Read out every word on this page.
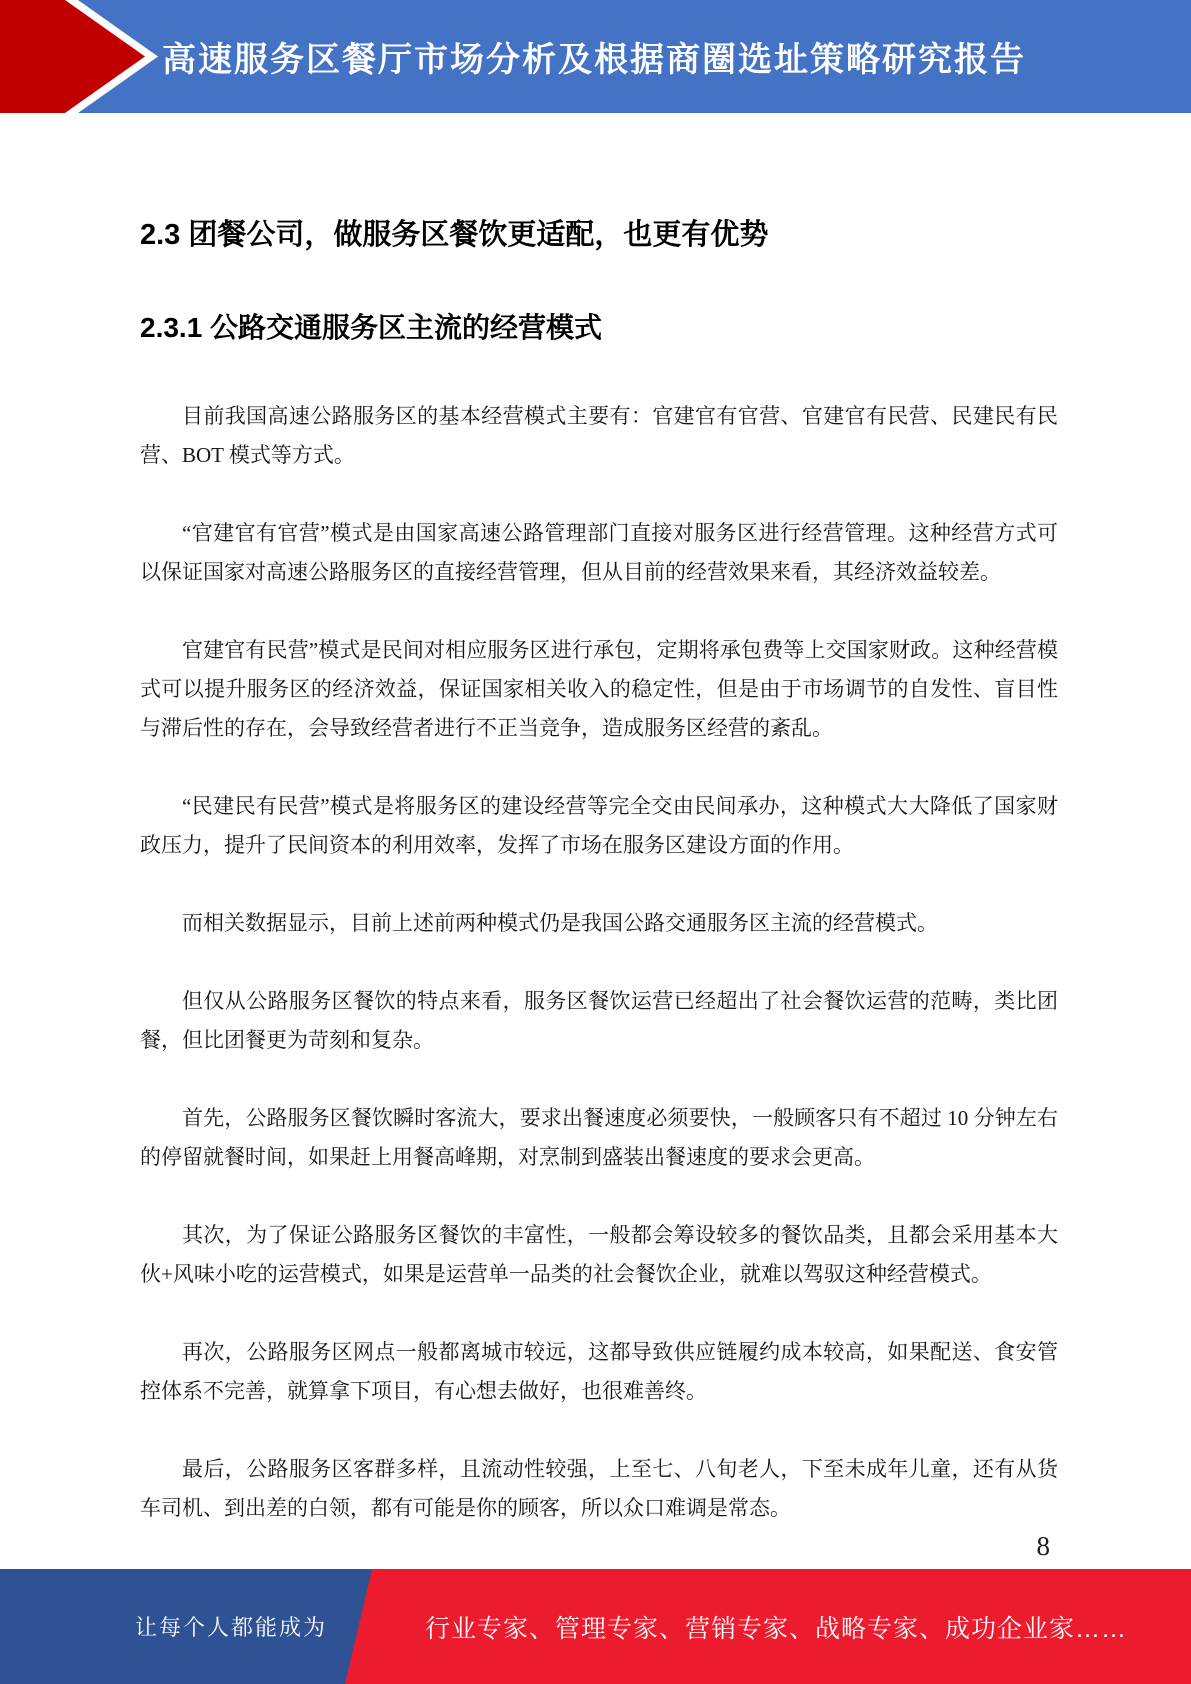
高速服务区餐厅市场分析及根据商圈选址策略研究报告
2.3 团餐公司，做服务区餐饮更适配，也更有优势
2.3.1 公路交通服务区主流的经营模式

目前我国高速公路服务区的基本经营模式主要有：官建官有官营、官建官有民营、民建民有民营、BOT 模式等方式。

“官建官有官营”模式是由国家高速公路管理部门直接对服务区进行经营管理。这种经营方式可以保证国家对高速公路服务区的直接经营管理，但从目前的经营效果来看，其经济效益较差。

官建官有民营”模式是民间对相应服务区进行承包，定期将承包费等上交国家财政。这种经营模式可以提升服务区的经济效益，保证国家相关收入的稳定性，但是由于市场调节的自发性、盲目性与滞后性的存在，会导致经营者进行不正当竞争，造成服务区经营的紊乱。

“民建民有民营”模式是将服务区的建设经营等完全交由民间承办，这种模式大大降低了国家财政压力，提升了民间资本的利用效率，发挥了市场在服务区建设方面的作用。

而相关数据显示，目前上述前两种模式仍是我国公路交通服务区主流的经营模式。

但仅从公路服务区餐饮的特点来看，服务区餐饮运营已经超出了社会餐饮运营的范畴，类比团餐，但比团餐更为苛刻和复杂。

首先，公路服务区餐饮瞬时客流大，要求出餐速度必须要快，一般顾客只有不超过 10 分钟左右的停留就餐时间，如果赶上用餐高峰期，对烹制到盛装出餐速度的要求会更高。

其次，为了保证公路服务区餐饮的丰富性，一般都会筹设较多的餐饮品类，且都会采用基本大伙+风味小吃的运营模式，如果是运营单一品类的社会餐饮企业，就难以驾驭这种经营模式。

再次，公路服务区网点一般都离城市较远，这都导致供应链履约成本较高，如果配送、食安管控体系不完善，就算拿下项目，有心想去做好，也很难善终。

最后，公路服务区客群多样，且流动性较强，上至七、八旬老人，下至未成年儿童，还有从货车司机、到出差的白领，都有可能是你的顾客，所以众口难调是常态。

8
让每个人都能成为	行业专家、管理专家、营销专家、战略专家、成功企业家……
